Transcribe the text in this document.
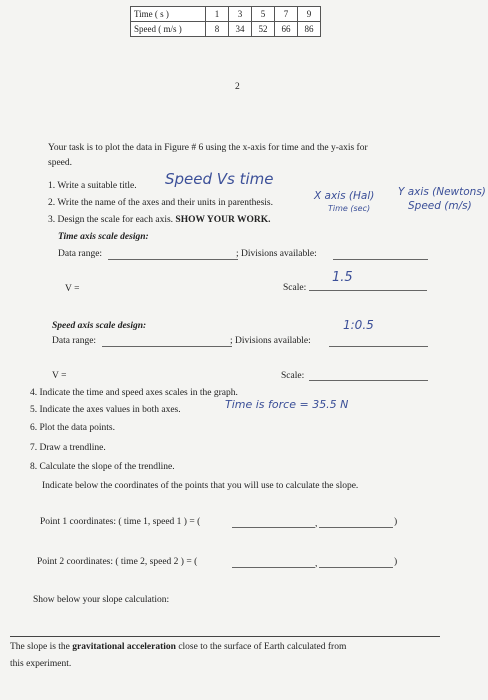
Time ( s )	1	3	5	7	9
Speed ( m/s )	8	34	52	66	86
2
Your task is to plot the data in Figure # 6 using the x-axis for time and the y-axis for
speed.
1. Write a suitable title. Speed Vs time
2. Write the name of the axes and their units in parenthesis.
X axis (Hal)
Time (sec)
Y axis (Newtons)
Speed (m/s)
3. Design the scale for each axis. SHOW YOUR WORK.
Time axis scale design:
Data range:	; Divisions available:
V =	Scale:
1.5
Speed axis scale design:	1:0.5
Data range:	; Divisions available:
V =	Scale:
4. Indicate the time and speed axes scales in the graph.
5. Indicate the axes values in both axes.	Time is force = 35.5 N
6. Plot the data points.
7. Draw a trendline.
8. Calculate the slope of the trendline.
Indicate below the coordinates of the points that you will use to calculate the slope.
Point 1 coordinates: ( time 1, speed 1 ) = (	,	)
Point 2 coordinates: ( time 2, speed 2 ) = (	,	)
Show below your slope calculation:
The slope is the gravitational acceleration close to the surface of Earth calculated from
this experiment.
